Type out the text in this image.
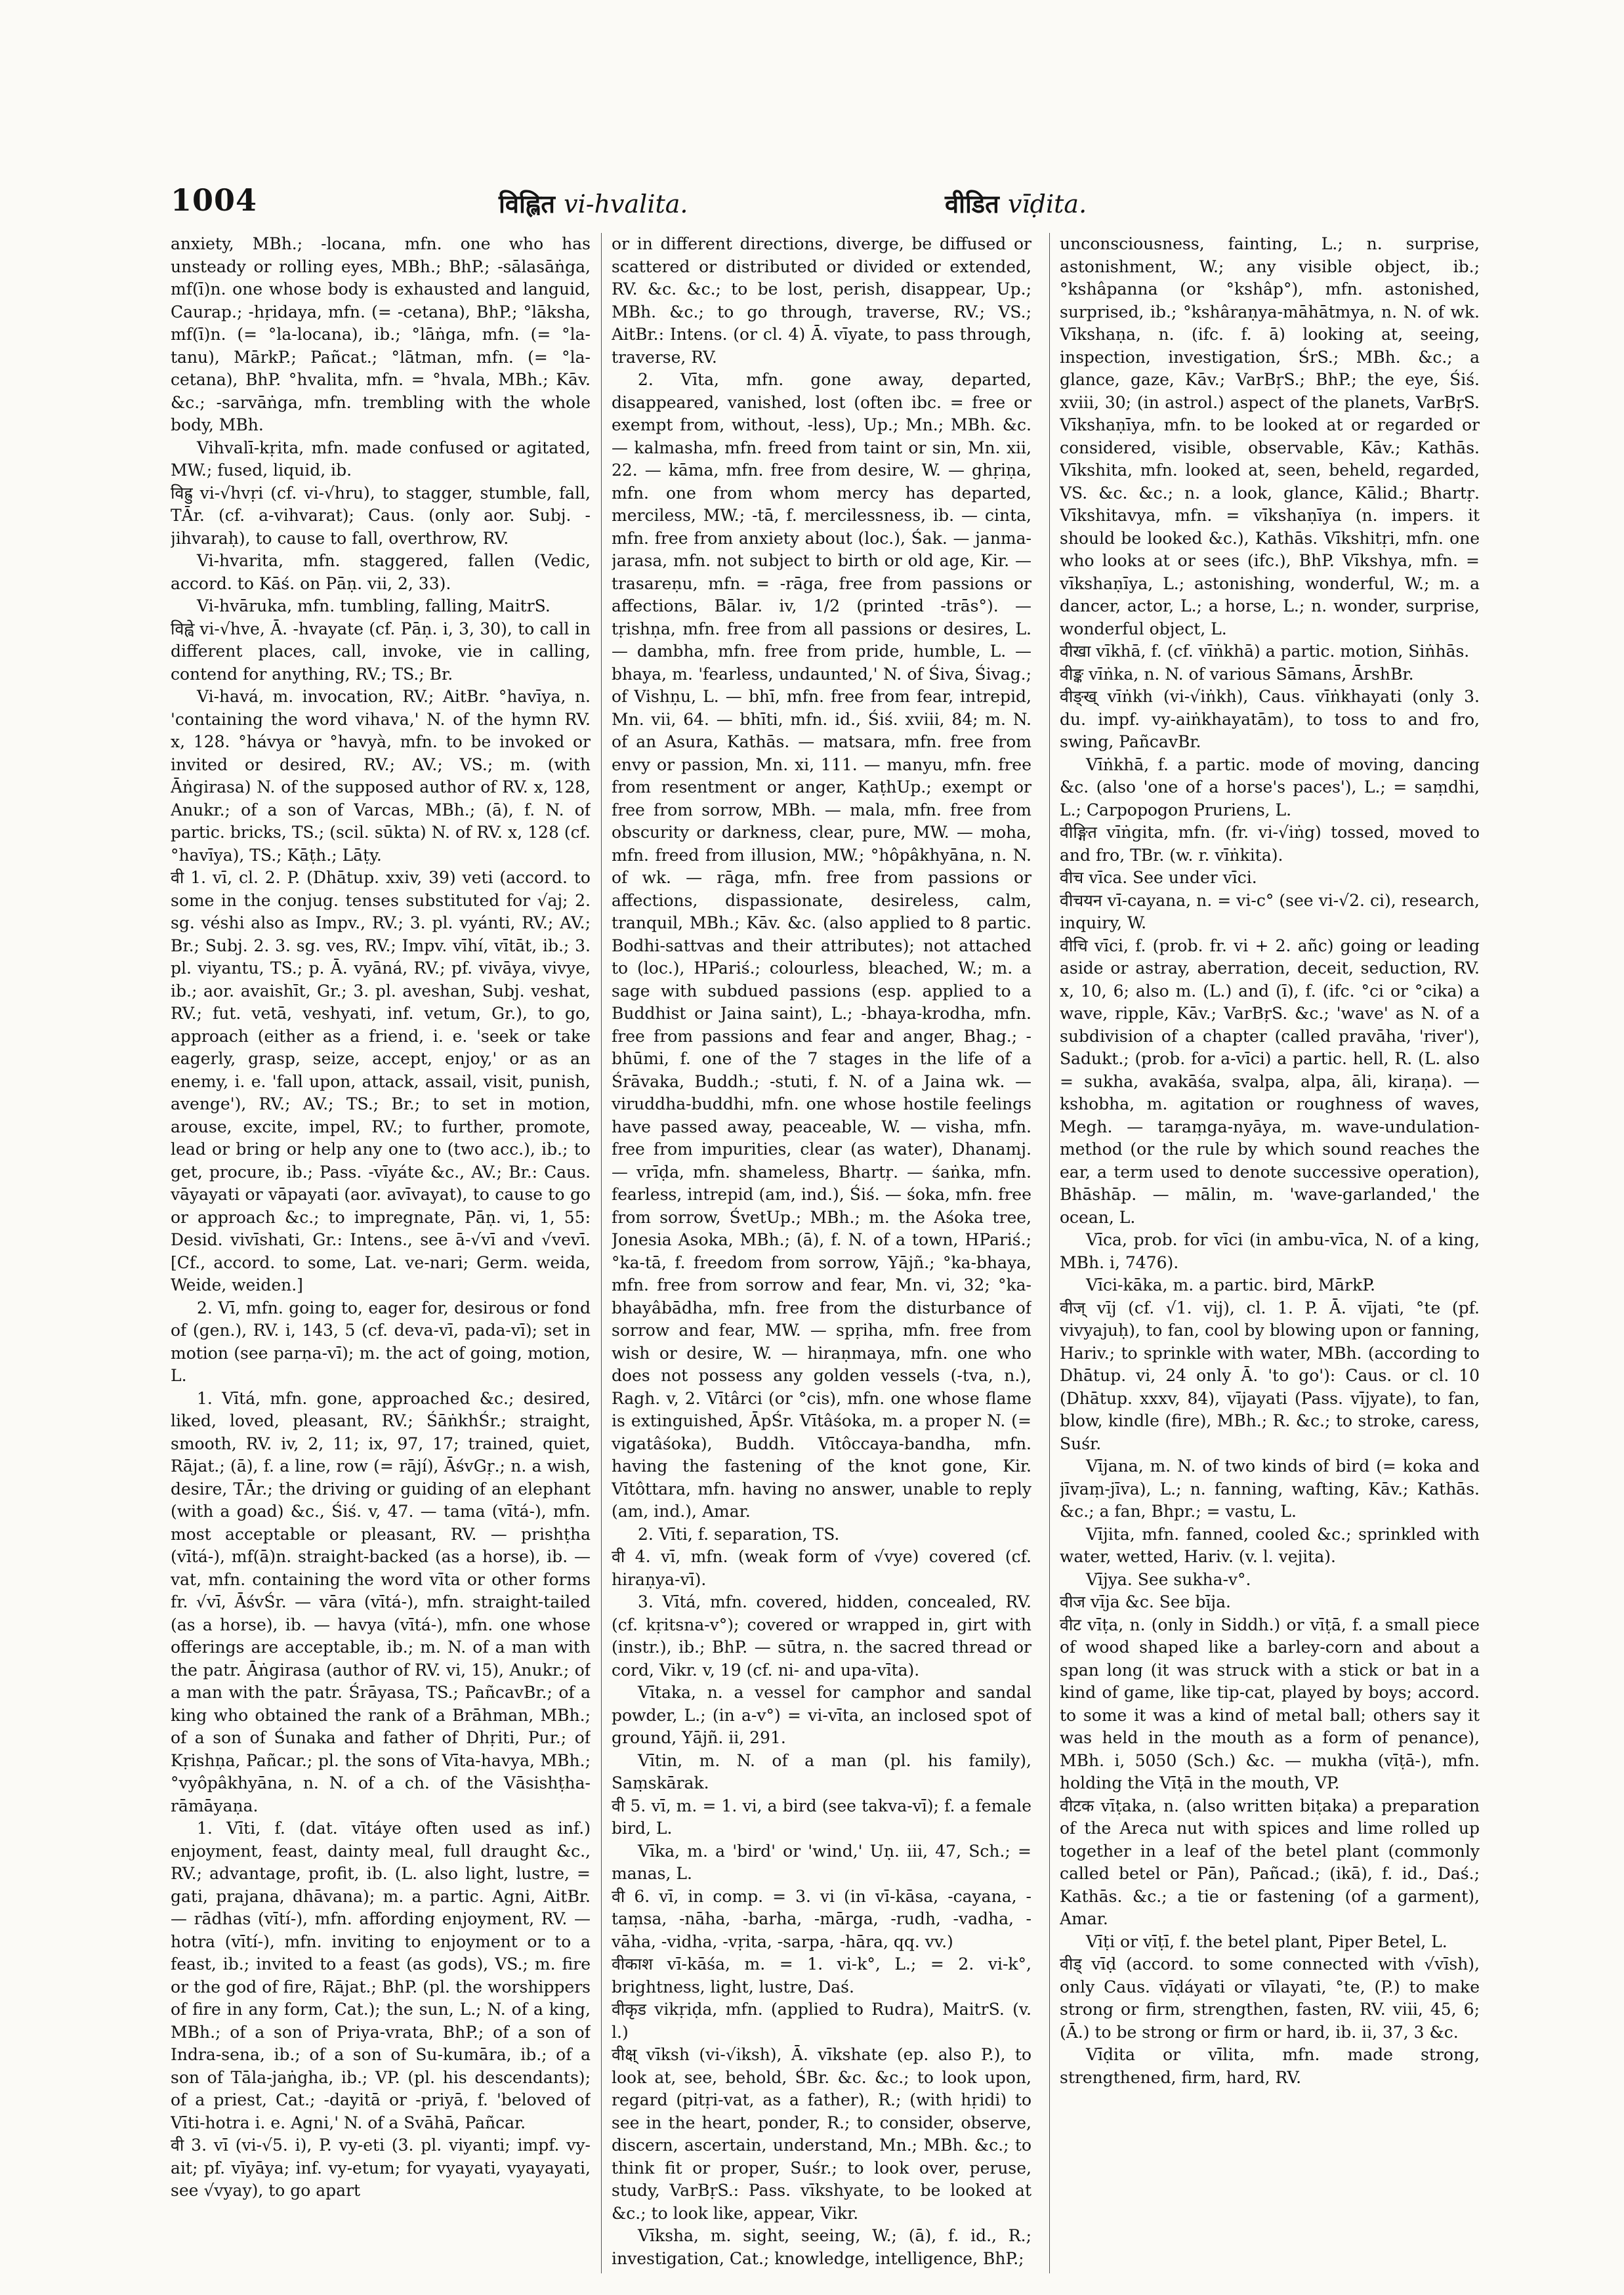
1004	विह्लित vi-hvalita.	वीडित vīḍita.

anxiety, MBh.; -locana, mfn. one who has unsteady or rolling eyes, MBh.; BhP.; -sālasāṅga, mf(ī)n. one whose body is exhausted and languid, Caurap.; -hṛidaya, mfn. (= -cetana), BhP.; °lāksha, mf(ī)n. (= °la-locana), ib.; °lāṅga, mfn. (= °la-tanu), MārkP.; Pañcat.; °lātman, mfn. (= °la-cetana), BhP. °hvalita, mfn. = °hvala, MBh.; Kāv. &c.; -sarvāṅga, mfn. trembling with the whole body, MBh.

Vihvalī-kṛita, mfn. made confused or agitated, MW.; fused, liquid, ib.

विह्रु vi-√hvṛi (cf. vi-√hru), to stagger, stumble, fall, TĀr. (cf. a-vihvarat); Caus. (only aor. Subj. -jihvaraḥ), to cause to fall, overthrow, RV.

Vi-hvarita, mfn. staggered, fallen (Vedic, accord. to Kāś. on Pāṇ. vii, 2, 33).

Vi-hvāruka, mfn. tumbling, falling, MaitrS.

विह्वे vi-√hve, Ā. -hvayate (cf. Pāṇ. i, 3, 30), to call in different places, call, invoke, vie in calling, contend for anything, RV.; TS.; Br.

Vi-havá, m. invocation, RV.; AitBr. °havīya, n. 'containing the word vihava,' N. of the hymn RV. x, 128. °hávya or °havyà, mfn. to be invoked or invited or desired, RV.; AV.; VS.; m. (with Āṅgirasa) N. of the supposed author of RV. x, 128, Anukr.; of a son of Varcas, MBh.; (ā), f. N. of partic. bricks, TS.; (scil. sūkta) N. of RV. x, 128 (cf. °havīya), TS.; Kāṭh.; Lāṭy.

वी 1. vī, cl. 2. P. (Dhātup. xxiv, 39) veti (accord. to some in the conjug. tenses substituted for √aj; 2. sg. véshi also as Impv., RV.; 3. pl. vyánti, RV.; AV.; Br.; Subj. 2. 3. sg. ves, RV.; Impv. vīhí, vītāt, ib.; 3. pl. viyantu, TS.; p. Ā. vyāná, RV.; pf. vivāya, vivye, ib.; aor. avaishīt, Gr.; 3. pl. aveshan, Subj. veshat, RV.; fut. vetā, veshyati, inf. vetum, Gr.), to go, approach (either as a friend, i. e. 'seek or take eagerly, grasp, seize, accept, enjoy,' or as an enemy, i. e. 'fall upon, attack, assail, visit, punish, avenge'), RV.; AV.; TS.; Br.; to set in motion, arouse, excite, impel, RV.; to further, promote, lead or bring or help any one to (two acc.), ib.; to get, procure, ib.; Pass. -vīyáte &c., AV.; Br.: Caus. vāyayati or vāpayati (aor. avīvayat), to cause to go or approach &c.; to impregnate, Pāṇ. vi, 1, 55: Desid. vivīshati, Gr.: Intens., see ā-√vī and √vevī. [Cf., accord. to some, Lat. ve-nari; Germ. weida, Weide, weiden.]

2. Vī, mfn. going to, eager for, desirous or fond of (gen.), RV. i, 143, 5 (cf. deva-vī, pada-vī); set in motion (see parṇa-vī); m. the act of going, motion, L.

1. Vītá, mfn. gone, approached &c.; desired, liked, loved, pleasant, RV.; ŚāṅkhŚr.; straight, smooth, RV. iv, 2, 11; ix, 97, 17; trained, quiet, Rājat.; (ā), f. a line, row (= rājí), ĀśvGṛ.; n. a wish, desire, TĀr.; the driving or guiding of an elephant (with a goad) &c., Śiś. v, 47. — tama (vītá-), mfn. most acceptable or pleasant, RV. — prishṭha (vītá-), mf(ā)n. straight-backed (as a horse), ib. — vat, mfn. containing the word vīta or other forms fr. √vī, ĀśvŚr. — vāra (vītá-), mfn. straight-tailed (as a horse), ib. — havya (vītá-), mfn. one whose offerings are acceptable, ib.; m. N. of a man with the patr. Āṅgirasa (author of RV. vi, 15), Anukr.; of a man with the patr. Śrāyasa, TS.; PañcavBr.; of a king who obtained the rank of a Brāhman, MBh.; of a son of Śunaka and father of Dhṛiti, Pur.; of Kṛishṇa, Pañcar.; pl. the sons of Vīta-havya, MBh.; °vyôpâkhyāna, n. N. of a ch. of the Vāsishṭha-rāmāyaṇa.

1. Vīti, f. (dat. vītáye often used as inf.) enjoyment, feast, dainty meal, full draught &c., RV.; advantage, profit, ib. (L. also light, lustre, = gati, prajana, dhāvana); m. a partic. Agni, AitBr. — rādhas (vītí-), mfn. affording enjoyment, RV. — hotra (vītí-), mfn. inviting to enjoyment or to a feast, ib.; invited to a feast (as gods), VS.; m. fire or the god of fire, Rājat.; BhP. (pl. the worshippers of fire in any form, Cat.); the sun, L.; N. of a king, MBh.; of a son of Priya-vrata, BhP.; of a son of Indra-sena, ib.; of a son of Su-kumāra, ib.; of a son of Tāla-jaṅgha, ib.; VP. (pl. his descendants); of a priest, Cat.; -dayitā or -priyā, f. 'beloved of Vīti-hotra i. e. Agni,' N. of a Svāhā, Pañcar.

वी 3. vī (vi-√5. i), P. vy-eti (3. pl. viyanti; impf. vy-ait; pf. vīyāya; inf. vy-etum; for vyayati, vyayayati, see √vyay), to go apart

or in different directions, diverge, be diffused or scattered or distributed or divided or extended, RV. &c. &c.; to be lost, perish, disappear, Up.; MBh. &c.; to go through, traverse, RV.; VS.; AitBr.: Intens. (or cl. 4) Ā. vīyate, to pass through, traverse, RV.

2. Vīta, mfn. gone away, departed, disappeared, vanished, lost (often ibc. = free or exempt from, without, -less), Up.; Mn.; MBh. &c. — kalmasha, mfn. freed from taint or sin, Mn. xii, 22. — kāma, mfn. free from desire, W. — ghṛiṇa, mfn. one from whom mercy has departed, merciless, MW.; -tā, f. mercilessness, ib. — cinta, mfn. free from anxiety about (loc.), Śak. — janma-jarasa, mfn. not subject to birth or old age, Kir. — trasareṇu, mfn. = -rāga, free from passions or affections, Bālar. iv, 1/2 (printed -trās°). — tṛishṇa, mfn. free from all passions or desires, L. — dambha, mfn. free from pride, humble, L. — bhaya, m. 'fearless, undaunted,' N. of Śiva, Śivag.; of Vishṇu, L. — bhī, mfn. free from fear, intrepid, Mn. vii, 64. — bhīti, mfn. id., Śiś. xviii, 84; m. N. of an Asura, Kathās. — matsara, mfn. free from envy or passion, Mn. xi, 111. — manyu, mfn. free from resentment or anger, KaṭhUp.; exempt or free from sorrow, MBh. — mala, mfn. free from obscurity or darkness, clear, pure, MW. — moha, mfn. freed from illusion, MW.; °hôpâkhyāna, n. N. of wk. — rāga, mfn. free from passions or affections, dispassionate, desireless, calm, tranquil, MBh.; Kāv. &c. (also applied to 8 partic. Bodhi-sattvas and their attributes); not attached to (loc.), HPariś.; colourless, bleached, W.; m. a sage with subdued passions (esp. applied to a Buddhist or Jaina saint), L.; -bhaya-krodha, mfn. free from passions and fear and anger, Bhag.; -bhūmi, f. one of the 7 stages in the life of a Śrāvaka, Buddh.; -stuti, f. N. of a Jaina wk. — viruddha-buddhi, mfn. one whose hostile feelings have passed away, peaceable, W. — visha, mfn. free from impurities, clear (as water), Dhanamj. — vrīḍa, mfn. shameless, Bhartṛ. — śaṅka, mfn. fearless, intrepid (am, ind.), Śiś. — śoka, mfn. free from sorrow, ŚvetUp.; MBh.; m. the Aśoka tree, Jonesia Asoka, MBh.; (ā), f. N. of a town, HPariś.; °ka-tā, f. freedom from sorrow, Yājñ.; °ka-bhaya, mfn. free from sorrow and fear, Mn. vi, 32; °ka-bhayâbādha, mfn. free from the disturbance of sorrow and fear, MW. — spṛiha, mfn. free from wish or desire, W. — hiraṇmaya, mfn. one who does not possess any golden vessels (-tva, n.), Ragh. v, 2. Vītârci (or °cis), mfn. one whose flame is extinguished, ĀpŚr. Vītâśoka, m. a proper N. (= vigatâśoka), Buddh. Vītôccaya-bandha, mfn. having the fastening of the knot gone, Kir. Vītôttara, mfn. having no answer, unable to reply (am, ind.), Amar.

2. Vīti, f. separation, TS.

वी 4. vī, mfn. (weak form of √vye) covered (cf. hiraṇya-vī).

3. Vītá, mfn. covered, hidden, concealed, RV. (cf. kṛitsna-v°); covered or wrapped in, girt with (instr.), ib.; BhP. — sūtra, n. the sacred thread or cord, Vikr. v, 19 (cf. ni- and upa-vīta).

Vītaka, n. a vessel for camphor and sandal powder, L.; (in a-v°) = vi-vīta, an inclosed spot of ground, Yājñ. ii, 291.

Vītin, m. N. of a man (pl. his family), Saṃskārak.

वी 5. vī, m. = 1. vi, a bird (see takva-vī); f. a female bird, L.

Vīka, m. a 'bird' or 'wind,' Uṇ. iii, 47, Sch.; = manas, L.

वी 6. vī, in comp. = 3. vi (in vī-kāsa, -cayana, -taṃsa, -nāha, -barha, -mārga, -rudh, -vadha, -vāha, -vidha, -vṛita, -sarpa, -hāra, qq. vv.)

वीकाश vī-kāśa, m. = 1. vi-k°, L.; = 2. vi-k°, brightness, light, lustre, Daś.

वीकृड vikṛiḍa, mfn. (applied to Rudra), MaitrS. (v. l.)

वीक्ष् vīksh (vi-√iksh), Ā. vīkshate (ep. also P.), to look at, see, behold, ŚBr. &c. &c.; to look upon, regard (pitṛi-vat, as a father), R.; (with hṛidi) to see in the heart, ponder, R.; to consider, observe, discern, ascertain, understand, Mn.; MBh. &c.; to think fit or proper, Suśr.; to look over, peruse, study, VarBṛS.: Pass. vīkshyate, to be looked at &c.; to look like, appear, Vikr.

Vīksha, m. sight, seeing, W.; (ā), f. id., R.; investigation, Cat.; knowledge, intelligence, BhP.;

unconsciousness, fainting, L.; n. surprise, astonishment, W.; any visible object, ib.; °kshâpanna (or °kshâp°), mfn. astonished, surprised, ib.; °kshâraṇya-māhātmya, n. N. of wk. Vīkshaṇa, n. (ifc. f. ā) looking at, seeing, inspection, investigation, ŚrS.; MBh. &c.; a glance, gaze, Kāv.; VarBṛS.; BhP.; the eye, Śiś. xviii, 30; (in astrol.) aspect of the planets, VarBṛS. Vīkshaṇīya, mfn. to be looked at or regarded or considered, visible, observable, Kāv.; Kathās. Vīkshita, mfn. looked at, seen, beheld, regarded, VS. &c. &c.; n. a look, glance, Kālid.; Bhartṛ. Vīkshitavya, mfn. = vīkshaṇīya (n. impers. it should be looked &c.), Kathās. Vīkshitṛi, mfn. one who looks at or sees (ifc.), BhP. Vīkshya, mfn. = vīkshaṇīya, L.; astonishing, wonderful, W.; m. a dancer, actor, L.; a horse, L.; n. wonder, surprise, wonderful object, L.

वीखा vīkhā, f. (cf. vīṅkhā) a partic. motion, Siṅhās.

वीङ्क vīṅka, n. N. of various Sāmans, ĀrshBr.

वीङ्ख् vīṅkh (vi-√iṅkh), Caus. vīṅkhayati (only 3. du. impf. vy-aiṅkhayatām), to toss to and fro, swing, PañcavBr.

Vīṅkhā, f. a partic. mode of moving, dancing &c. (also 'one of a horse's paces'), L.; = saṃdhi, L.; Carpopogon Pruriens, L.

वीङ्गित vīṅgita, mfn. (fr. vi-√iṅg) tossed, moved to and fro, TBr. (w. r. vīṅkita).

वीच vīca. See under vīci.

वीचयन vī-cayana, n. = vi-c° (see vi-√2. ci), research, inquiry, W.

वीचि vīci, f. (prob. fr. vi + 2. añc) going or leading aside or astray, aberration, deceit, seduction, RV. x, 10, 6; also m. (L.) and (ī), f. (ifc. °ci or °cika) a wave, ripple, Kāv.; VarBṛS. &c.; 'wave' as N. of a subdivision of a chapter (called pravāha, 'river'), Sadukt.; (prob. for a-vīci) a partic. hell, R. (L. also = sukha, avakāśa, svalpa, alpa, āli, kiraṇa). — kshobha, m. agitation or roughness of waves, Megh. — taraṃga-nyāya, m. wave-undulation-method (or the rule by which sound reaches the ear, a term used to denote successive operation), Bhāshāp. — mālin, m. 'wave-garlanded,' the ocean, L.

Vīca, prob. for vīci (in ambu-vīca, N. of a king, MBh. i, 7476).

Vīci-kāka, m. a partic. bird, MārkP.

वीज् vīj (cf. √1. vij), cl. 1. P. Ā. vījati, °te (pf. vivyajuḥ), to fan, cool by blowing upon or fanning, Hariv.; to sprinkle with water, MBh. (according to Dhātup. vi, 24 only Ā. 'to go'): Caus. or cl. 10 (Dhātup. xxxv, 84), vījayati (Pass. vījyate), to fan, blow, kindle (fire), MBh.; R. &c.; to stroke, caress, Suśr.

Vījana, m. N. of two kinds of bird (= koka and jīvaṃ-jīva), L.; n. fanning, wafting, Kāv.; Kathās. &c.; a fan, Bhpr.; = vastu, L.

Vījita, mfn. fanned, cooled &c.; sprinkled with water, wetted, Hariv. (v. l. vejita).

Vījya. See sukha-v°.

वीज vīja &c. See bīja.

वीट vīṭa, n. (only in Siddh.) or vīṭā, f. a small piece of wood shaped like a barley-corn and about a span long (it was struck with a stick or bat in a kind of game, like tip-cat, played by boys; accord. to some it was a kind of metal ball; others say it was held in the mouth as a form of penance), MBh. i, 5050 (Sch.) &c. — mukha (vīṭā-), mfn. holding the Vīṭā in the mouth, VP.

वीटक vīṭaka, n. (also written biṭaka) a preparation of the Areca nut with spices and lime rolled up together in a leaf of the betel plant (commonly called betel or Pān), Pañcad.; (ikā), f. id., Daś.; Kathās. &c.; a tie or fastening (of a garment), Amar.

Vīṭi or vīṭī, f. the betel plant, Piper Betel, L.

वीड् vīḍ (accord. to some connected with √vīsh), only Caus. vīḍáyati or vīlayati, °te, (P.) to make strong or firm, strengthen, fasten, RV. viii, 45, 6; (Ā.) to be strong or firm or hard, ib. ii, 37, 3 &c.

Vīḍita or vīlita, mfn. made strong, strengthened, firm, hard, RV.
